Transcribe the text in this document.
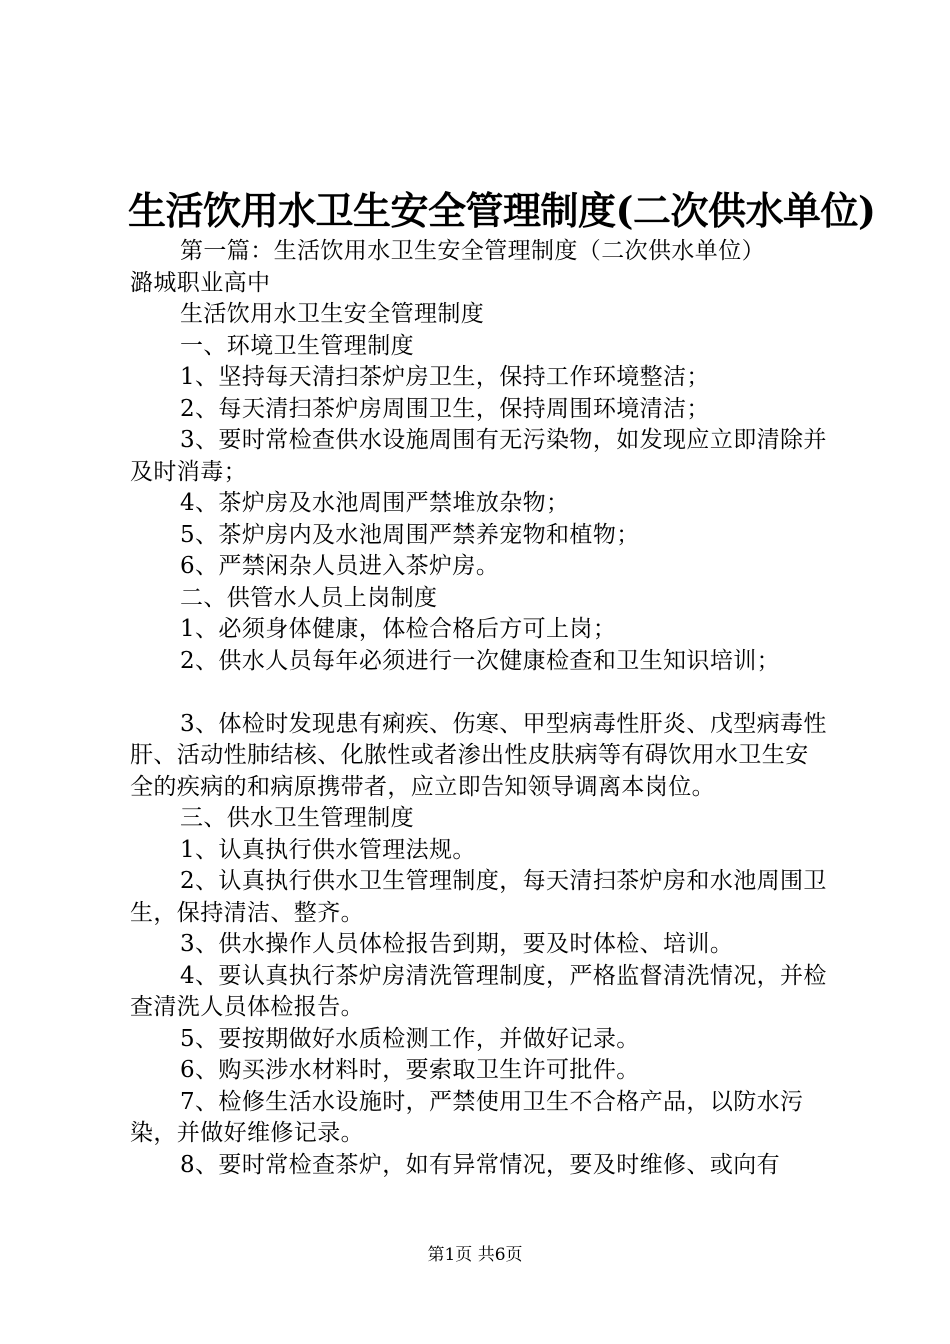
生活饮用水卫生安全管理制度(二次供水单位)

第一篇：生活饮用水卫生安全管理制度（二次供水单位）

潞城职业高中

生活饮用水卫生安全管理制度

一、环境卫生管理制度

1、坚持每天清扫茶炉房卫生，保持工作环境整洁；

2、每天清扫茶炉房周围卫生，保持周围环境清洁；

3、要时常检查供水设施周围有无污染物，如发现应立即清除并及时消毒；

4、茶炉房及水池周围严禁堆放杂物；

5、茶炉房内及水池周围严禁养宠物和植物；

6、严禁闲杂人员进入茶炉房。

二、供管水人员上岗制度

1、必须身体健康，体检合格后方可上岗；

2、供水人员每年必须进行一次健康检查和卫生知识培训；

3、体检时发现患有痢疾、伤寒、甲型病毒性肝炎、戊型病毒性肝、活动性肺结核、化脓性或者渗出性皮肤病等有碍饮用水卫生安全的疾病的和病原携带者，应立即告知领导调离本岗位。

三、供水卫生管理制度

1、认真执行供水管理法规。

2、认真执行供水卫生管理制度，每天清扫茶炉房和水池周围卫生，保持清洁、整齐。

3、供水操作人员体检报告到期，要及时体检、培训。

4、要认真执行茶炉房清洗管理制度，严格监督清洗情况，并检查清洗人员体检报告。

5、要按期做好水质检测工作，并做好记录。

6、购买涉水材料时，要索取卫生许可批件。

7、检修生活水设施时，严禁使用卫生不合格产品，以防水污染，并做好维修记录。

8、要时常检查茶炉，如有异常情况，要及时维修、或向有

第1页 共6页
